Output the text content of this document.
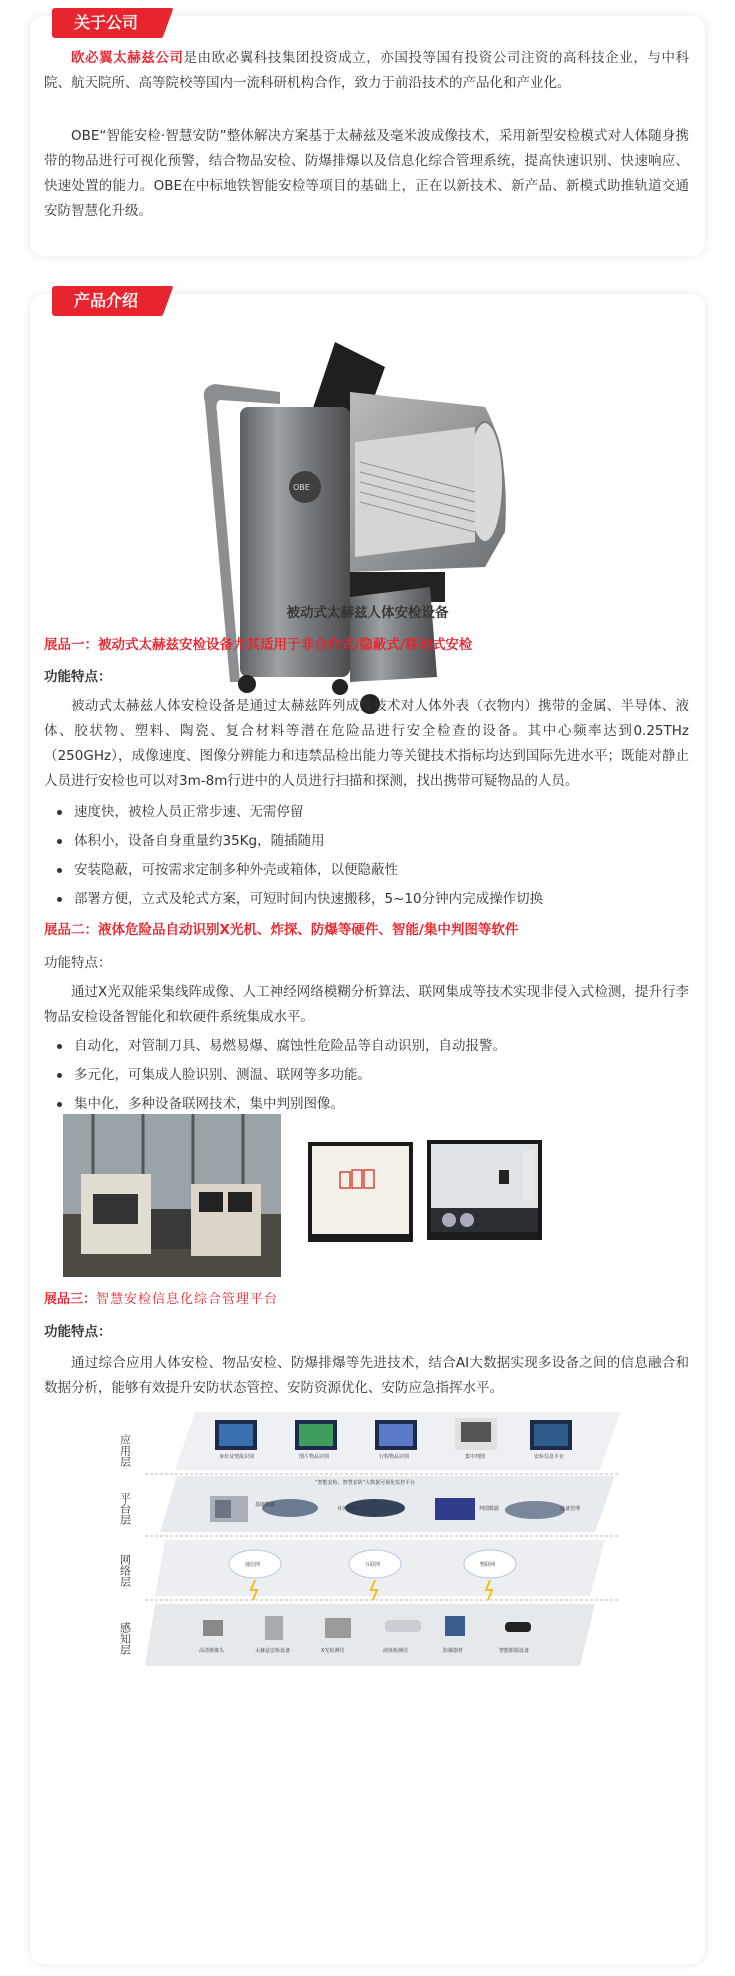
关于公司

欧必翼太赫兹公司是由欧必翼科技集团投资成立，亦国投等国有投资公司注资的高科技企业，与中科院、航天院所、高等院校等国内一流科研机构合作，致力于前沿技术的产品化和产业化。

OBE“智能安检·智慧安防”整体解决方案基于太赫兹及毫米波成像技术，采用新型安检模式对人体随身携带的物品进行可视化预警，结合物品安检、防爆排爆以及信息化综合管理系统，提高快速识别、快速响应、快速处置的能力。OBE在中标地铁智能安检等项目的基础上，正在以新技术、新产品、新模式助推轨道交通安防智慧化升级。

产品介绍
OBE
被动式太赫兹人体安检设备
展品一：被动式太赫兹安检设备尤其适用于非合作式/隐蔽式/移动式安检
功能特点：

被动式太赫兹人体安检设备是通过太赫兹阵列成像技术对人体外表（衣物内）携带的金属、半导体、液体、胶状物、塑料、陶瓷、复合材料等潜在危险品进行安全检查的设备。其中心频率达到0.25THz（250GHz），成像速度、图像分辨能力和违禁品检出能力等关键技术指标均达到国际先进水平；既能对静止人员进行安检也可以对3m-8m行进中的人员进行扫描和探测，找出携带可疑物品的人员。

速度快，被检人员正常步速、无需停留
体积小，设备自身重量约35Kg，随插随用
安装隐蔽，可按需求定制多种外壳或箱体，以便隐蔽性
部署方便，立式及轮式方案，可短时间内快速搬移，5~10分钟内完成操作切换
展品二：液体危险品自动识别X光机、炸探、防爆等硬件、智能/集中判图等软件
功能特点：

通过X光双能采集线阵成像、人工神经网络模糊分析算法、联网集成等技术实现非侵入式检测，提升行李物品安检设备智能化和软硬件系统集成水平。

自动化，对管制刀具、易燃易爆、腐蚀性危险品等自动识别，自动报警。
多元化，可集成人脸识别、测温、联网等多功能。
集中化，多种设备联网技术，集中判别图像。
展品三：智慧安检信息化综合管理平台
功能特点：

通过综合应用人体安检、物品安检、防爆排爆等先进技术，结合AI大数据实现多设备之间的信息融合和数据分析，能够有效提升安防状态管控、安防资源优化、安防应急指挥水平。

应用层
平台层
网络层
感知层
身份及情报识别	图片物品识别	行程物品识别	集中判图	安检信息平台
“智能安检、智慧安防”大数据可视化监控平台
基础数据
业务数据	判图数据	设备管理
通信网	互联网	物联网
高清摄像头	太赫兹安检设备	X光检测仪	液体检测仪	防爆器材	智能眼镜设备
